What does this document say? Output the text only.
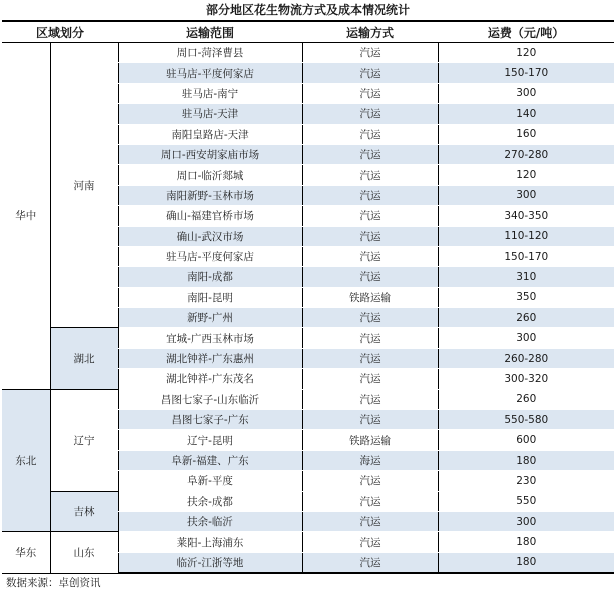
部分地区花生物流方式及成本情况统计
区域划分		运输范围	运输方式	运费（元/吨）
华中	河南	周口-菏泽曹县	汽运	120
		驻马店-平度何家店	汽运	150-170
		驻马店-南宁	汽运	300
		驻马店-天津	汽运	140
		南阳皇路店-天津	汽运	160
		周口-西安胡家庙市场	汽运	270-280
		周口-临沂郯城	汽运	120
		南阳新野-玉林市场	汽运	300
		确山-福建官桥市场	汽运	340-350
		确山-武汉市场	汽运	110-120
		驻马店-平度何家店	汽运	150-170
		南阳-成都	汽运	310
		南阳-昆明	铁路运输	350
		新野-广州	汽运	260
	湖北	宜城-广西玉林市场	汽运	300
		湖北钟祥-广东惠州	汽运	260-280
		湖北钟祥-广东茂名	汽运	300-320
东北	辽宁	昌图七家子-山东临沂	汽运	260
		昌图七家子-广东	汽运	550-580
		辽宁-昆明	铁路运输	600
		阜新-福建、广东	海运	180
		阜新-平度	汽运	230
	吉林	扶余-成都	汽运	550
		扶余-临沂	汽运	300
华东	山东	莱阳-上海浦东	汽运	180
		临沂-江浙等地	汽运	180
数据来源：卓创资讯
